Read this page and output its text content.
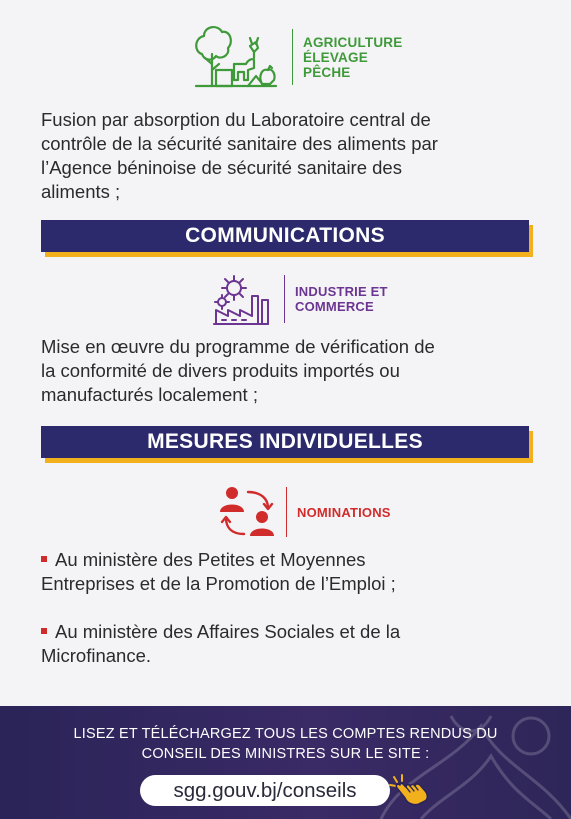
AGRICULTURE
ÉLEVAGE
PÊCHE
Fusion par absorption du Laboratoire central de
contrôle de la sécurité sanitaire des aliments par
l’Agence béninoise de sécurité sanitaire des
aliments ;
COMMUNICATIONS
INDUSTRIE ET
COMMERCE
Mise en œuvre du programme de vérification de
la conformité de divers produits importés ou
manufacturés localement ;
MESURES INDIVIDUELLES
NOMINATIONS
Au ministère des Petites et Moyennes
Entreprises et de la Promotion de l’Emploi ;
Au ministère des Affaires Sociales et de la
Microfinance.
LISEZ ET TÉLÉCHARGEZ TOUS LES COMPTES RENDUS DU
CONSEIL DES MINISTRES SUR LE SITE :
sgg.gouv.bj/conseils
